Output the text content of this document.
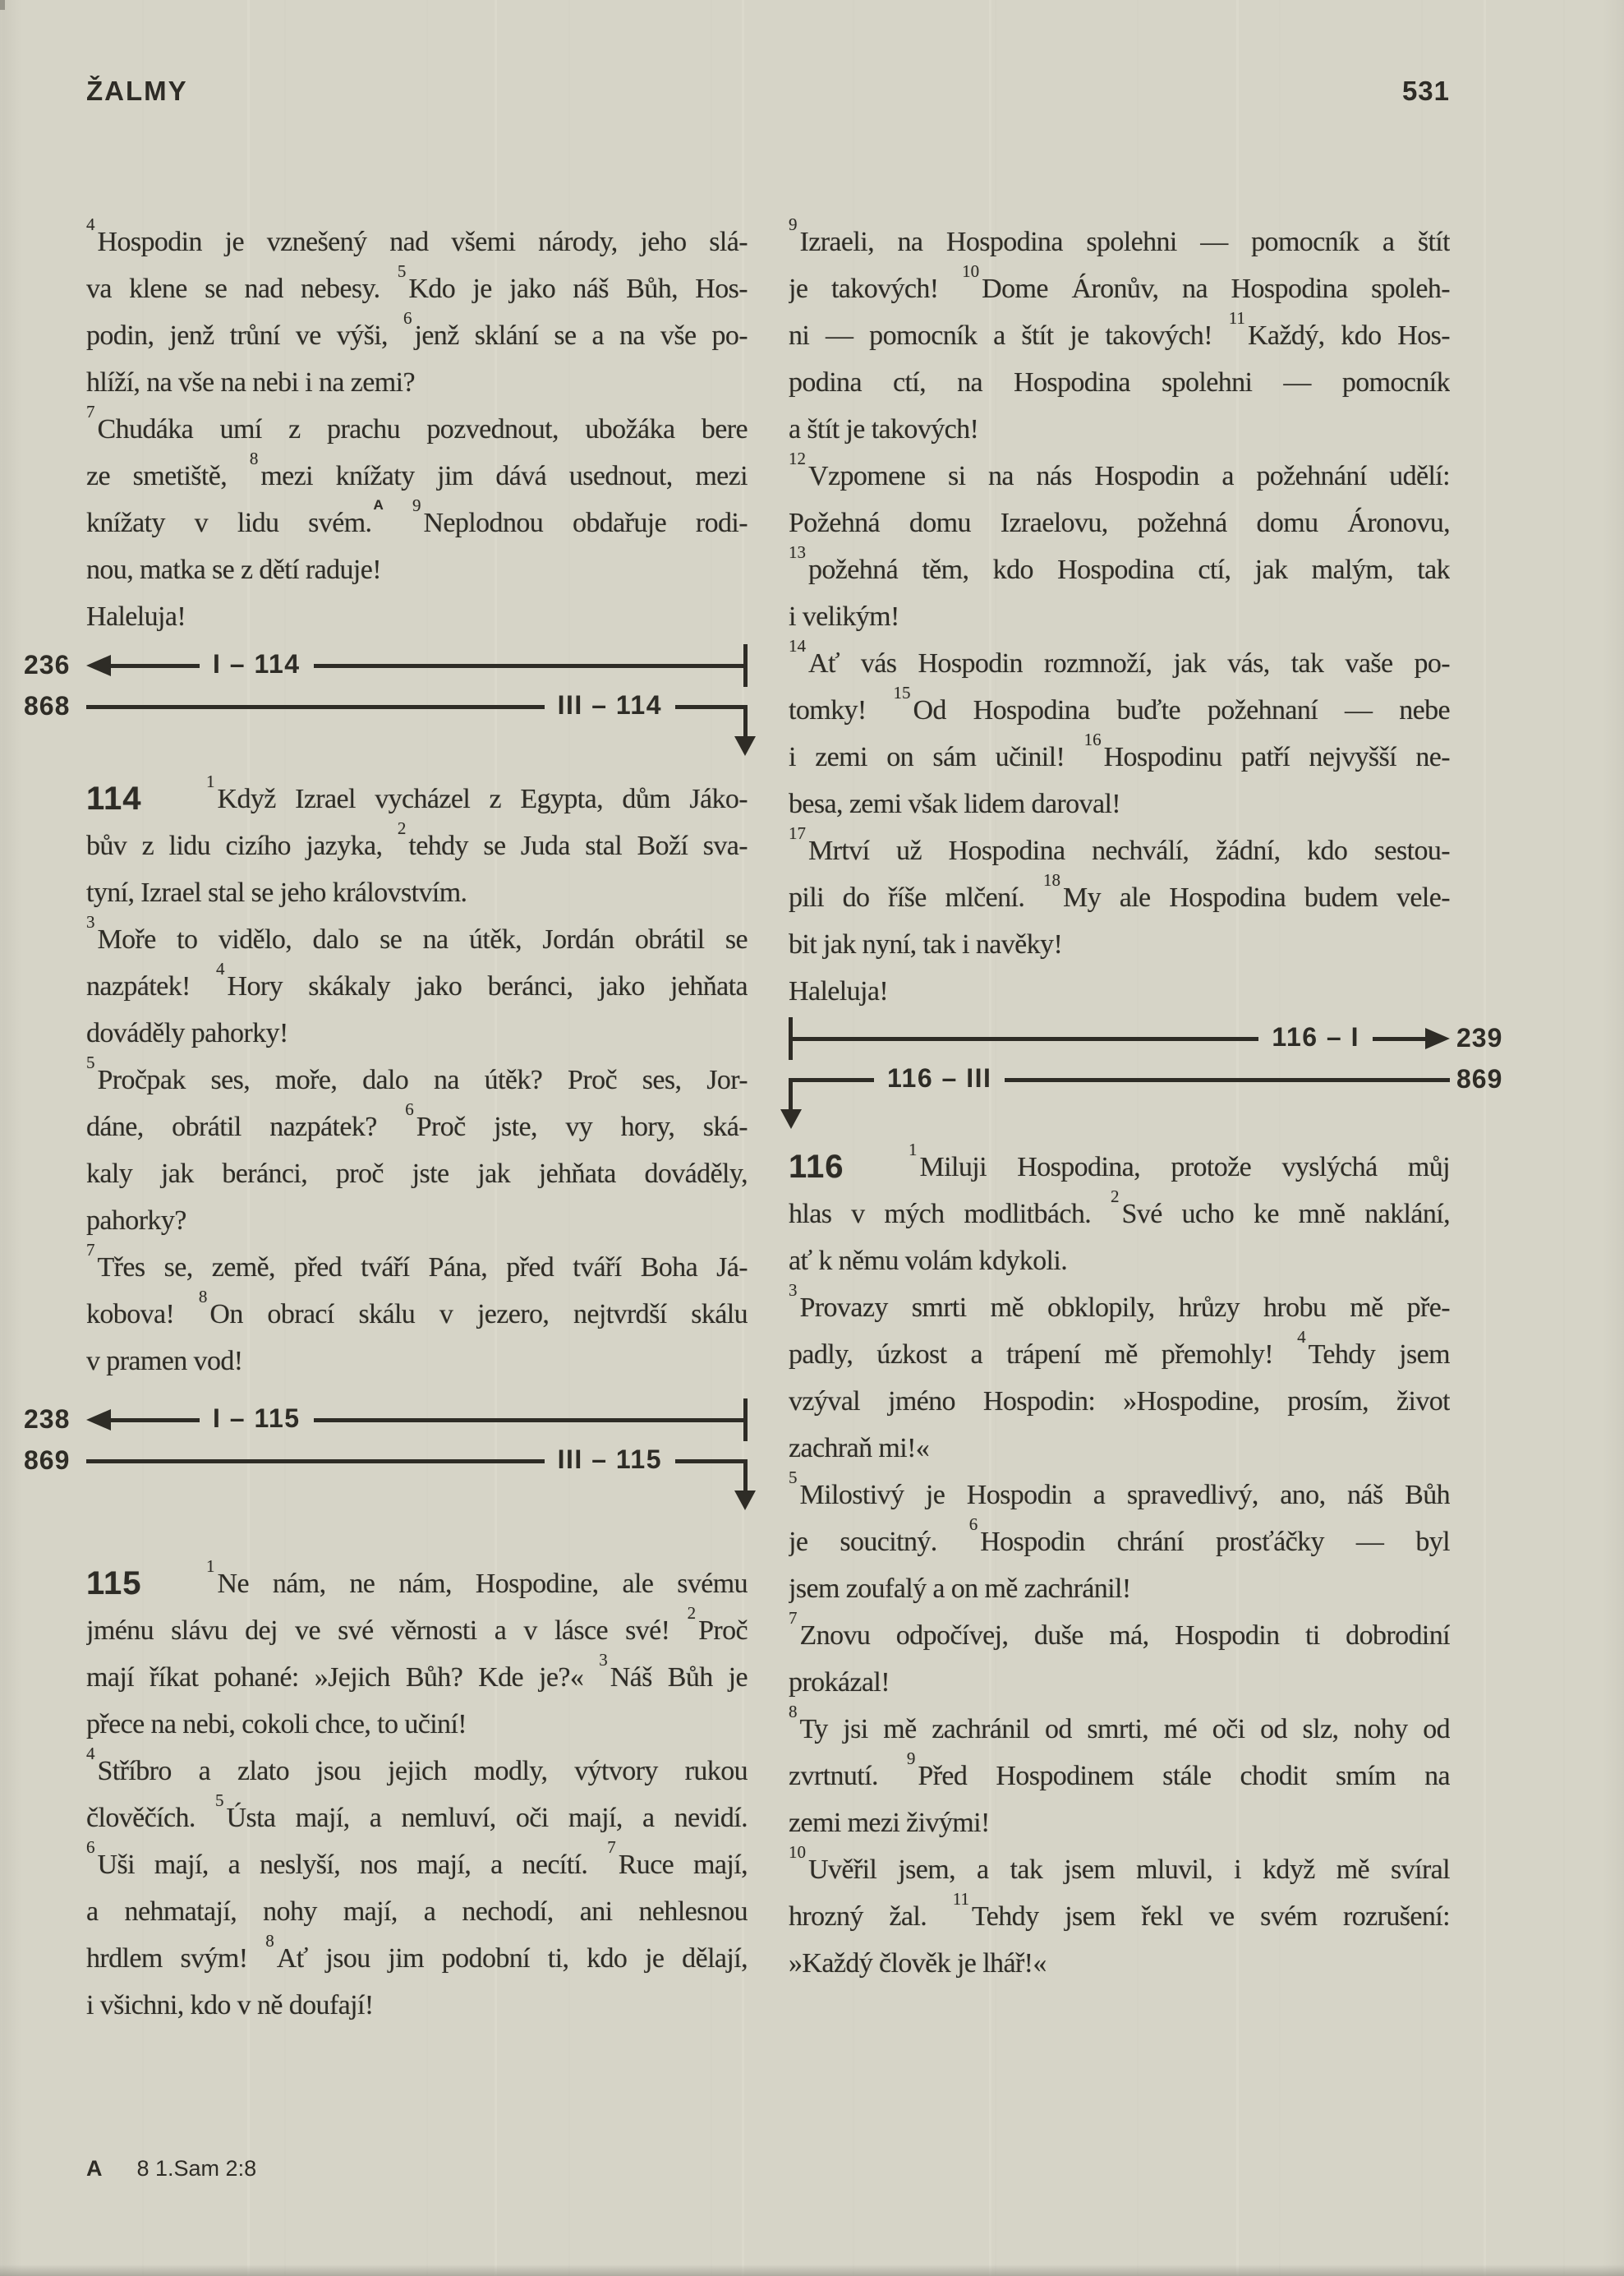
ŽALMY	531
$^4$Hospodin je vznešený nad všemi národy, jeho slá-
va klene se nad nebesy. $^5$Kdo je jako náš Bůh, Hos-
podin, jenž trůní ve výši, $^6$jenž sklání se a na vše po-
hlíží, na vše na nebi i na zemi?
$^7$Chudáka umí z prachu pozvednout, ubožáka bere
ze smetiště, $^8$mezi knížaty jim dává usednout, mezi
knížaty v lidu svém.$^A$ $^9$Neplodnou obdařuje rodi-
nou, matka se z dětí raduje!
Haleluja!
236	I – 114
868	III – 114
114	$^1$Když Izrael vycházel z Egypta, dům Jáko-
bův z lidu cizího jazyka, $^2$tehdy se Juda stal Boží sva-
tyní, Izrael stal se jeho královstvím.
$^3$Moře to vidělo, dalo se na útěk, Jordán obrátil se
nazpátek! $^4$Hory skákaly jako beránci, jako jehňata
dováděly pahorky!
$^5$Pročpak ses, moře, dalo na útěk? Proč ses, Jor-
dáne, obrátil nazpátek? $^6$Proč jste, vy hory, ská-
kaly jak beránci, proč jste jak jehňata dováděly,
pahorky?
$^7$Třes se, země, před tváří Pána, před tváří Boha Já-
kobova! $^8$On obrací skálu v jezero, nejtvrdší skálu
v pramen vod!
238	I – 115
869	III – 115
115	$^1$Ne nám, ne nám, Hospodine, ale svému
jménu slávu dej ve své věrnosti a v lásce své! $^2$Proč
mají říkat pohané: »Jejich Bůh? Kde je?« $^3$Náš Bůh je
přece na nebi, cokoli chce, to učiní!
$^4$Stříbro a zlato jsou jejich modly, výtvory rukou
člověčích. $^5$Ústa mají, a nemluví, oči mají, a nevidí.
$^6$Uši mají, a neslyší, nos mají, a necítí. $^7$Ruce mají,
a nehmatají, nohy mají, a nechodí, ani nehlesnou
hrdlem svým! $^8$Ať jsou jim podobní ti, kdo je dělají,
i všichni, kdo v ně doufají!
$^9$Izraeli, na Hospodina spolehni — pomocník a štít
je takových! $^{10}$Dome Áronův, na Hospodina spoleh-
ni — pomocník a štít je takových! $^{11}$Každý, kdo Hos-
podina ctí, na Hospodina spolehni — pomocník
a štít je takových!
$^{12}$Vzpomene si na nás Hospodin a požehnání udělí:
Požehná domu Izraelovu, požehná domu Áronovu,
$^{13}$požehná těm, kdo Hospodina ctí, jak malým, tak
i velikým!
$^{14}$Ať vás Hospodin rozmnoží, jak vás, tak vaše po-
tomky! $^{15}$Od Hospodina buďte požehnaní — nebe
i zemi on sám učinil! $^{16}$Hospodinu patří nejvyšší ne-
besa, zemi však lidem daroval!
$^{17}$Mrtví už Hospodina nechválí, žádní, kdo sestou-
pili do říše mlčení. $^{18}$My ale Hospodina budem vele-
bit jak nyní, tak i navěky!
Haleluja!
116 – I	239
116 – III	869
116	$^1$Miluji Hospodina, protože vyslýchá můj
hlas v mých modlitbách. $^2$Své ucho ke mně naklání,
ať k němu volám kdykoli.
$^3$Provazy smrti mě obklopily, hrůzy hrobu mě pře-
padly, úzkost a trápení mě přemohly! $^4$Tehdy jsem
vzýval jméno Hospodin: »Hospodine, prosím, život
zachraň mi!«
$^5$Milostivý je Hospodin a spravedlivý, ano, náš Bůh
je soucitný. $^6$Hospodin chrání prosťáčky — byl
jsem zoufalý a on mě zachránil!
$^7$Znovu odpočívej, duše má, Hospodin ti dobrodiní
prokázal!
$^8$Ty jsi mě zachránil od smrti, mé oči od slz, nohy od
zvrtnutí. $^9$Před Hospodinem stále chodit smím na
zemi mezi živými!
$^{10}$Uvěřil jsem, a tak jsem mluvil, i když mě svíral
hrozný žal. $^{11}$Tehdy jsem řekl ve svém rozrušení:
»Každý člověk je lhář!«
A 8 1.Sam 2:8
